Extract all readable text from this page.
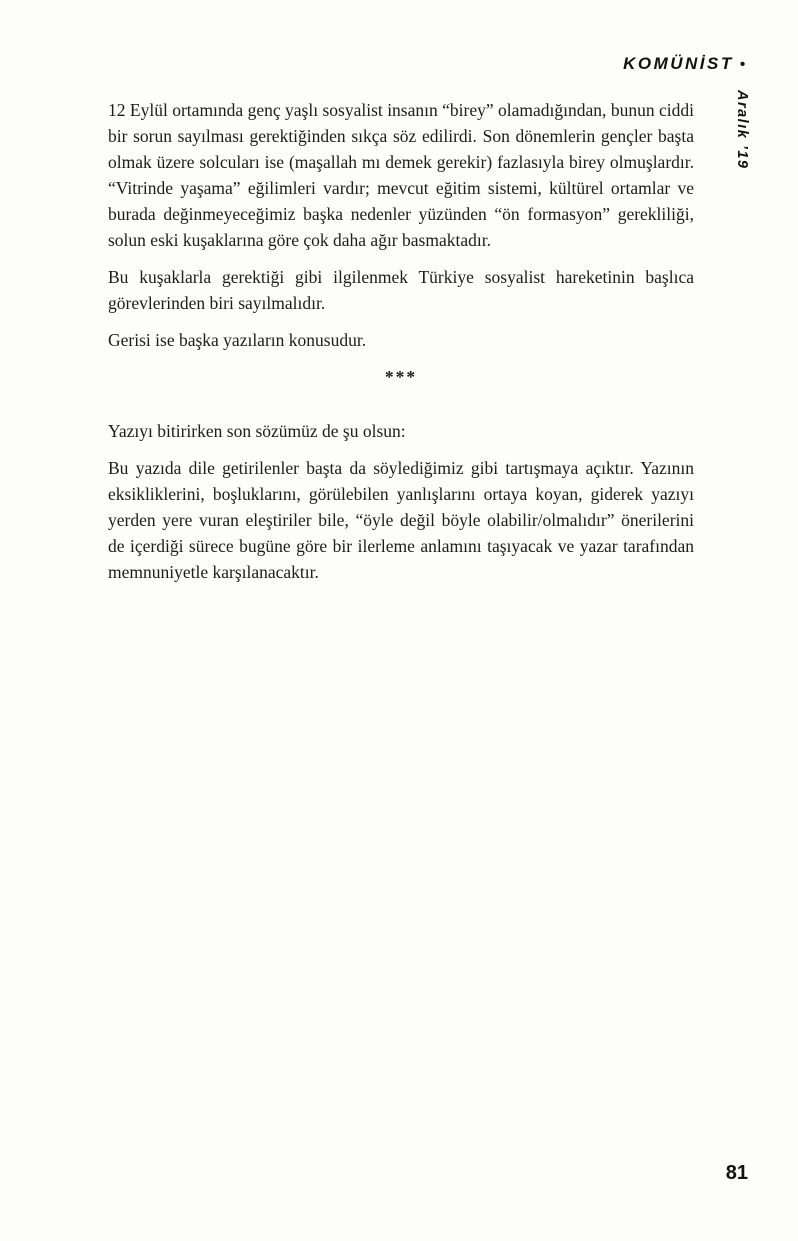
KOMÜNİST •
Aralık ’19

12 Eylül ortamında genç yaşlı sosyalist insanın “birey” olamadığından, bunun ciddi bir sorun sayılması gerektiğinden sıkça söz edilirdi. Son dönemlerin gençler başta olmak üzere solcuları ise (maşallah mı demek gerekir) fazlasıyla birey olmuşlardır. “Vitrinde yaşama” eğilimleri vardır; mevcut eğitim sistemi, kültürel ortamlar ve burada değinmeyeceğimiz başka nedenler yüzünden “ön formasyon” gerekliliği, solun eski kuşaklarına göre çok daha ağır basmaktadır.

Bu kuşaklarla gerektiği gibi ilgilenmek Türkiye sosyalist hareketinin başlıca görevlerinden biri sayılmalıdır.

Gerisi ise başka yazıların konusudur.

***

Yazıyı bitirirken son sözümüz de şu olsun:

Bu yazıda dile getirilenler başta da söylediğimiz gibi tartışmaya açıktır. Yazının eksikliklerini, boşluklarını, görülebilen yanlışlarını ortaya koyan, giderek yazıyı yerden yere vuran eleştiriler bile, “öyle değil böyle olabilir/olmalıdır” önerilerini de içerdiği sürece bugüne göre bir ilerleme anlamını taşıyacak ve yazar tarafından memnuniyetle karşılanacaktır.

81
